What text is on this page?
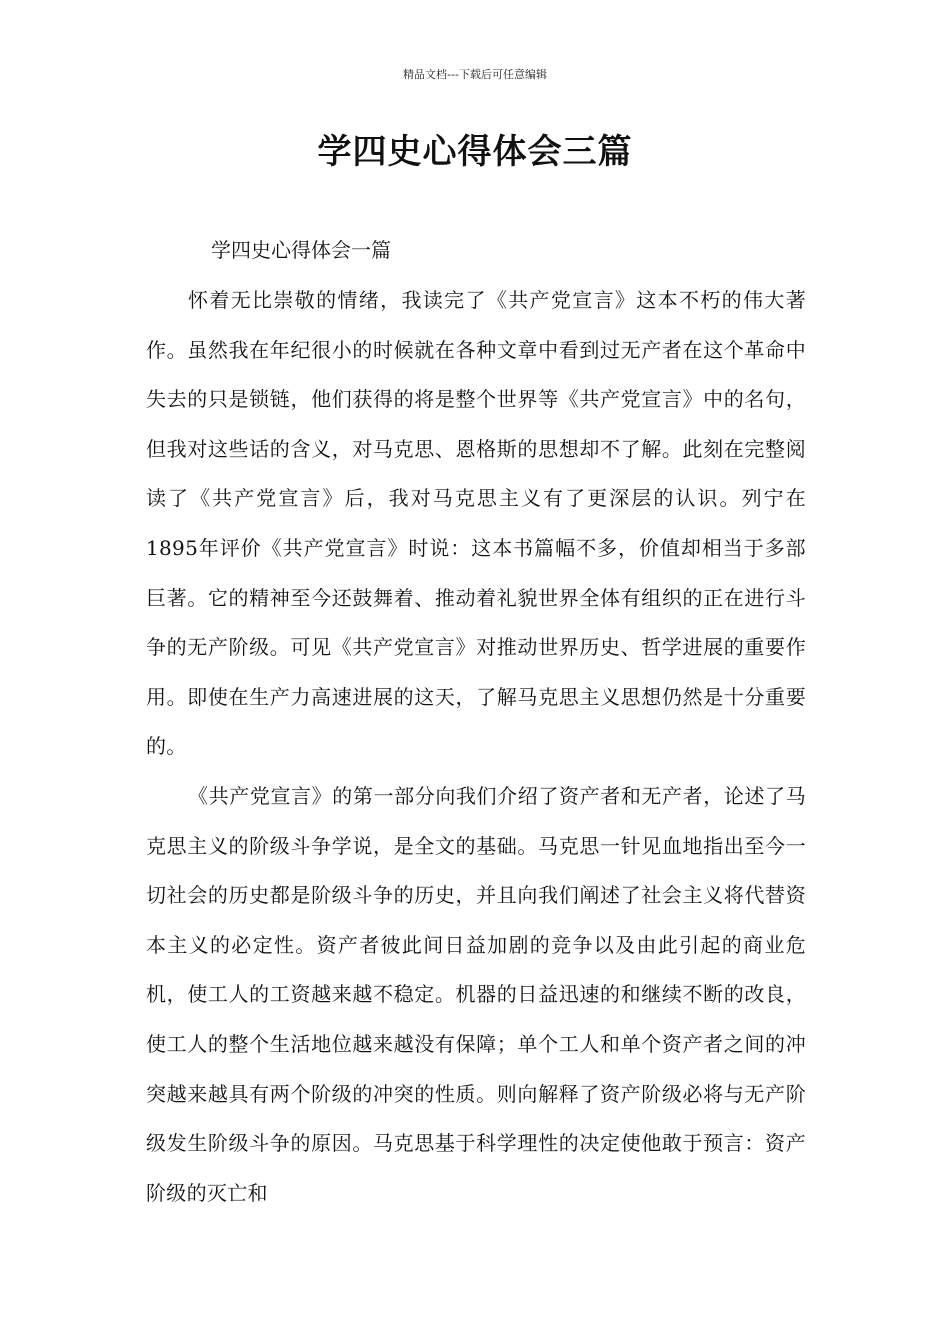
精品文档---下载后可任意编辑
学四史心得体会三篇
学四史心得体会一篇

怀着无比崇敬的情绪，我读完了《共产党宣言》这本不朽的伟大著作。虽然我在年纪很小的时候就在各种文章中看到过无产者在这个革命中失去的只是锁链，他们获得的将是整个世界等《共产党宣言》中的名句，但我对这些话的含义，对马克思、恩格斯的思想却不了解。此刻在完整阅读了《共产党宣言》后，我对马克思主义有了更深层的认识。列宁在1895年评价《共产党宣言》时说：这本书篇幅不多，价值却相当于多部巨著。它的精神至今还鼓舞着、推动着礼貌世界全体有组织的正在进行斗争的无产阶级。可见《共产党宣言》对推动世界历史、哲学进展的重要作用。即使在生产力高速进展的这天，了解马克思主义思想仍然是十分重要的。

《共产党宣言》的第一部分向我们介绍了资产者和无产者，论述了马克思主义的阶级斗争学说，是全文的基础。马克思一针见血地指出至今一切社会的历史都是阶级斗争的历史，并且向我们阐述了社会主义将代替资本主义的必定性。资产者彼此间日益加剧的竞争以及由此引起的商业危机，使工人的工资越来越不稳定。机器的日益迅速的和继续不断的改良，使工人的整个生活地位越来越没有保障；单个工人和单个资产者之间的冲突越来越具有两个阶级的冲突的性质。则向解释了资产阶级必将与无产阶级发生阶级斗争的原因。马克思基于科学理性的决定使他敢于预言：资产阶级的灭亡和
